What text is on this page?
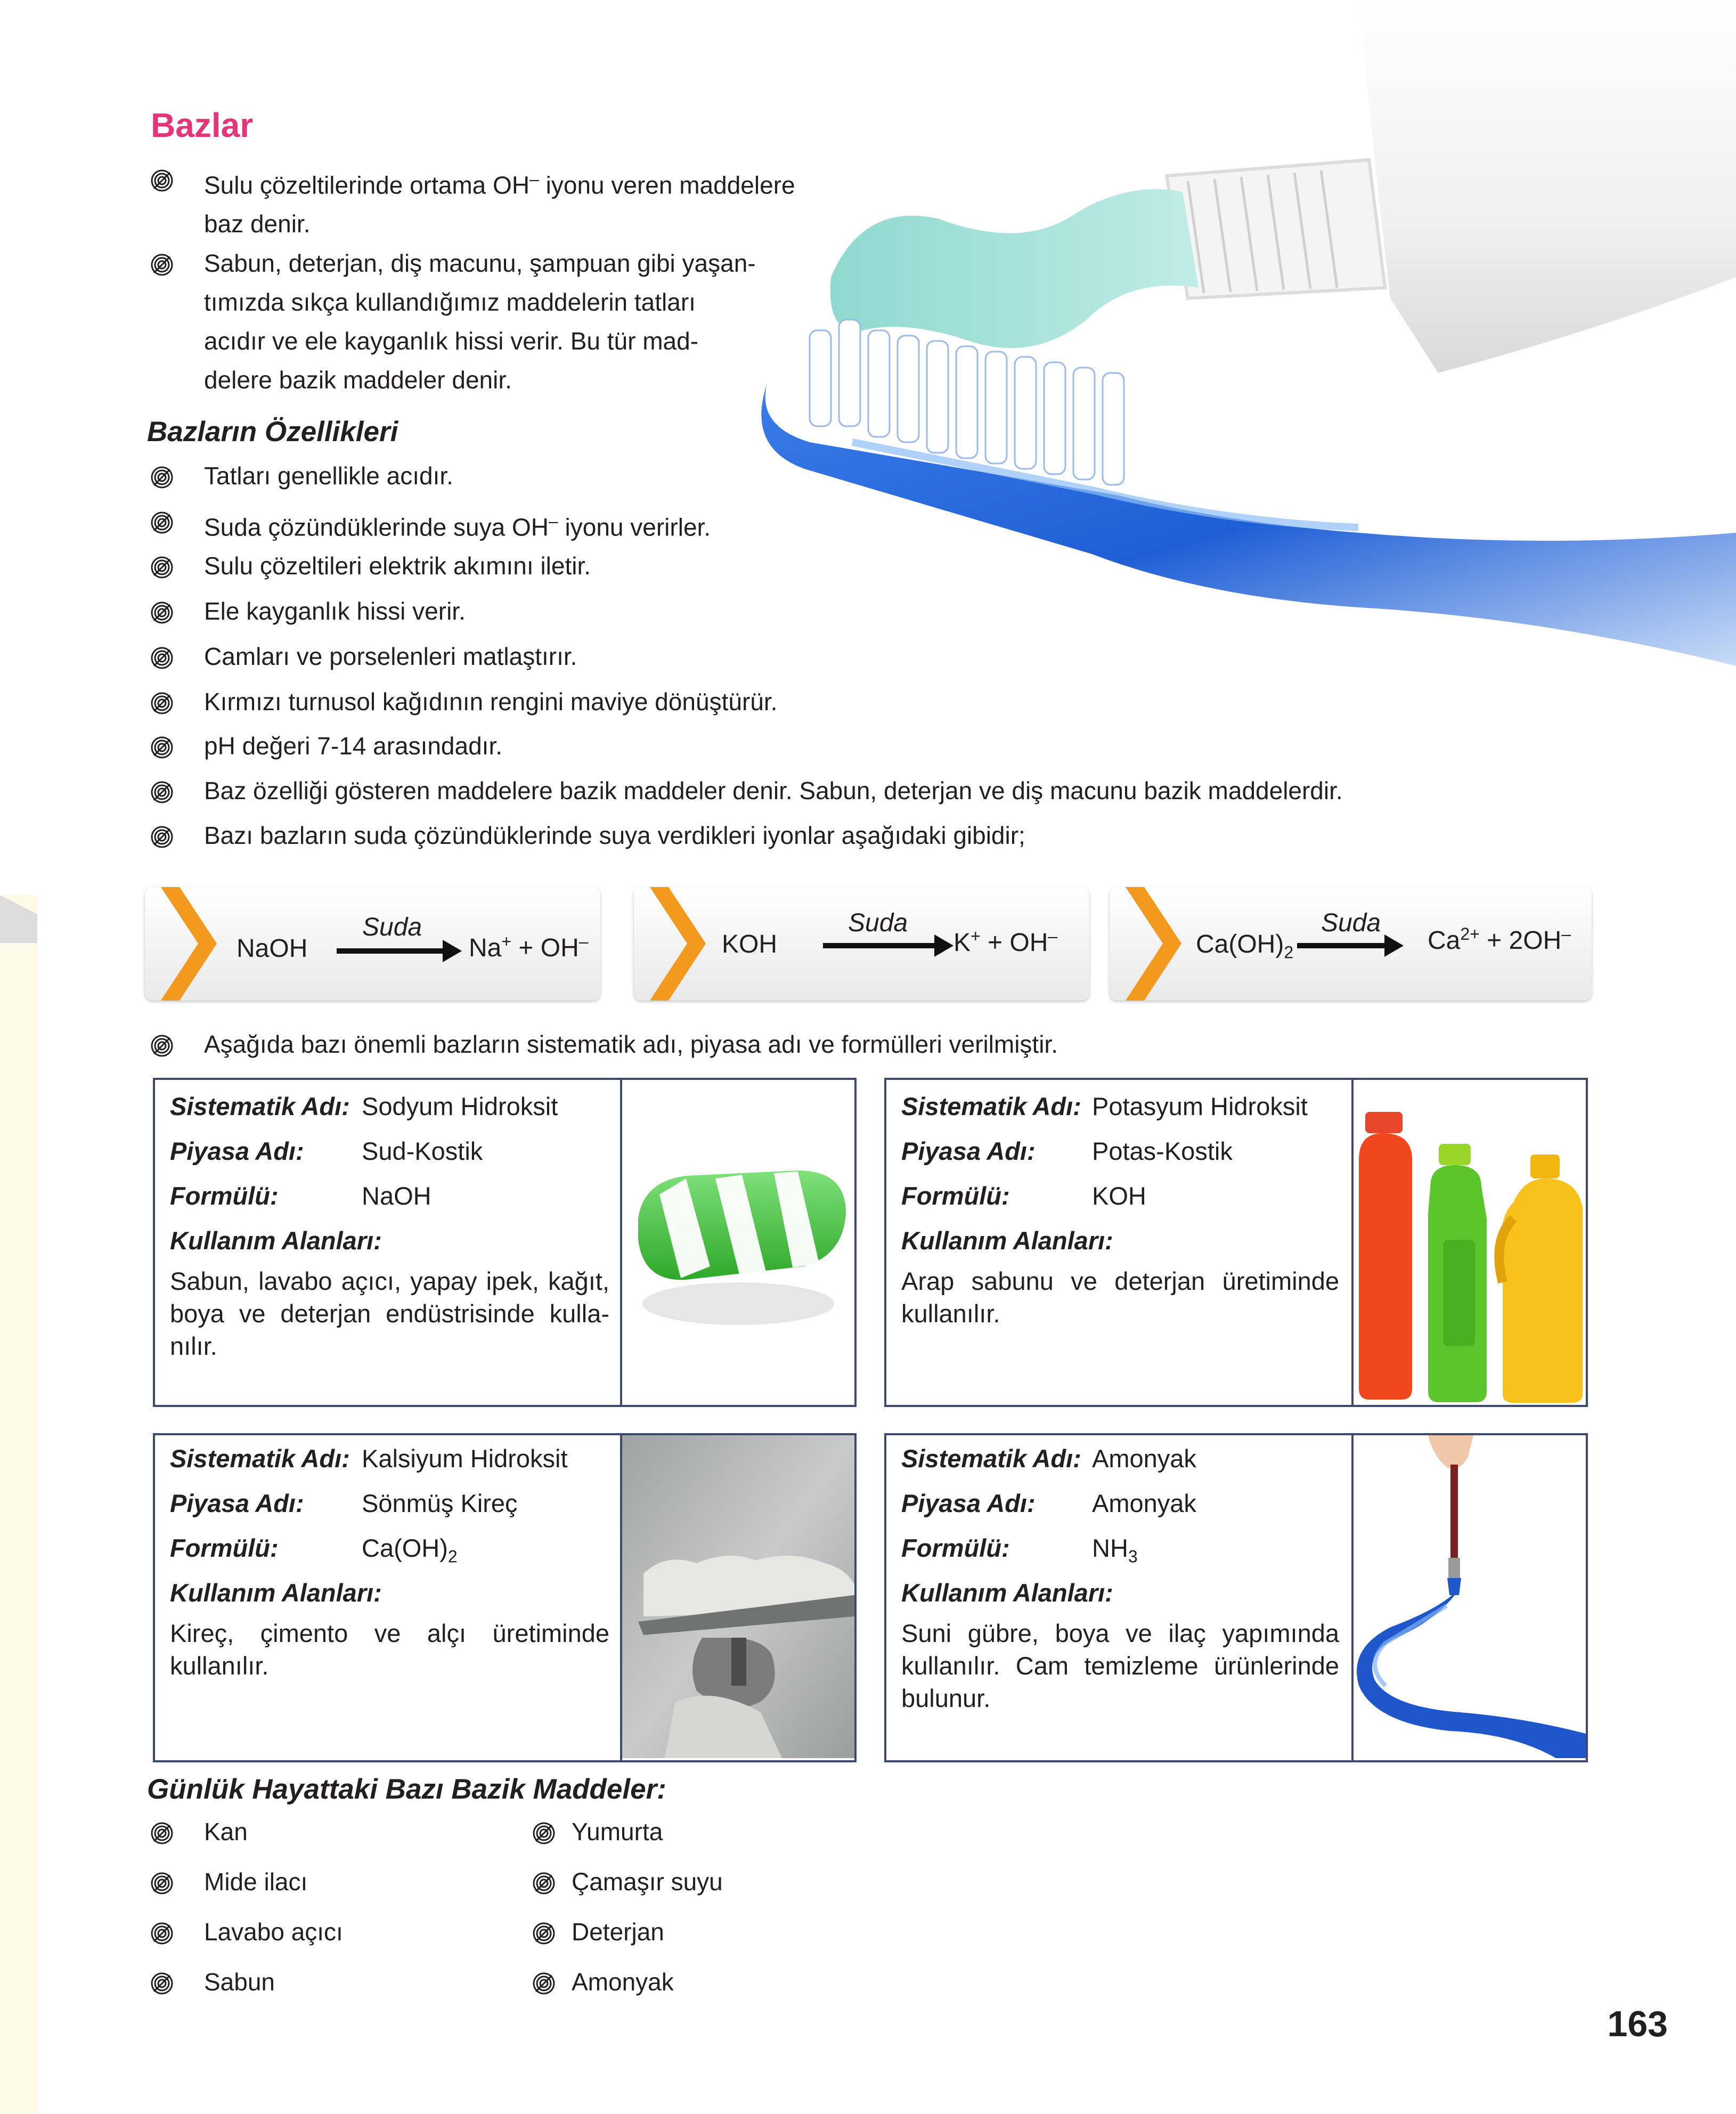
Bazlar
Sulu çözeltilerinde ortama OH– iyonu veren maddelere
baz denir.
Sabun, deterjan, diş macunu, şampuan gibi yaşan-
tımızda sıkça kullandığımız maddelerin tatları
acıdır ve ele kayganlık hissi verir. Bu tür mad-
delere bazik maddeler denir.
Bazların Özellikleri
Tatları genellikle acıdır.
Suda çözündüklerinde suya OH– iyonu verirler.
Sulu çözeltileri elektrik akımını iletir.
Ele kayganlık hissi verir.
Camları ve porselenleri matlaştırır.
Kırmızı turnusol kağıdının rengini maviye dönüştürür.
pH değeri 7-14 arasındadır.
Baz özelliği gösteren maddelere bazik maddeler denir. Sabun, deterjan ve diş macunu bazik maddelerdir.
Bazı bazların suda çözündüklerinde suya verdikleri iyonlar aşağıdaki gibidir;
NaOH
Suda
Na+ + OH–	KOH
Suda
K+ + OH–	$Ca(OH)_2$
Suda
$Ca^{2+} + 2OH^-$
Aşağıda bazı önemli bazların sistematik adı, piyasa adı ve formülleri verilmiştir.
Sistematik Adı: Sodyum Hidroksit
Piyasa Adı: Sud-Kostik
Formülü:	NaOH
Kullanım Alanları:
Sabun, lavabo açıcı, yapay ipek, kağıt, boya ve deterjan endüstrisinde kulla-nılır.
Sistematik Adı: Potasyum Hidroksit
Piyasa Adı: Potas-Kostik
Formülü:	KOH
Kullanım Alanları:
Arap sabunu ve deterjan üretiminde kullanılır.
Sistematik Adı: Kalsiyum Hidroksit
Piyasa Adı: Sönmüş Kireç
Formülü:	$Ca(OH)_2$
Kullanım Alanları:
Kireç, çimento ve alçı üretiminde kullanılır.
Sistematik Adı: Amonyak
Piyasa Adı: Amonyak
Formülü:	$NH_3$
Kullanım Alanları:
Suni gübre, boya ve ilaç yapımında kullanılır. Cam temizleme ürünlerinde bulunur.
Günlük Hayattaki Bazı Bazik Maddeler:
Kan
Mide ilacı
Lavabo açıcı
Sabun
Yumurta
Çamaşır suyu
Deterjan
Amonyak
163
